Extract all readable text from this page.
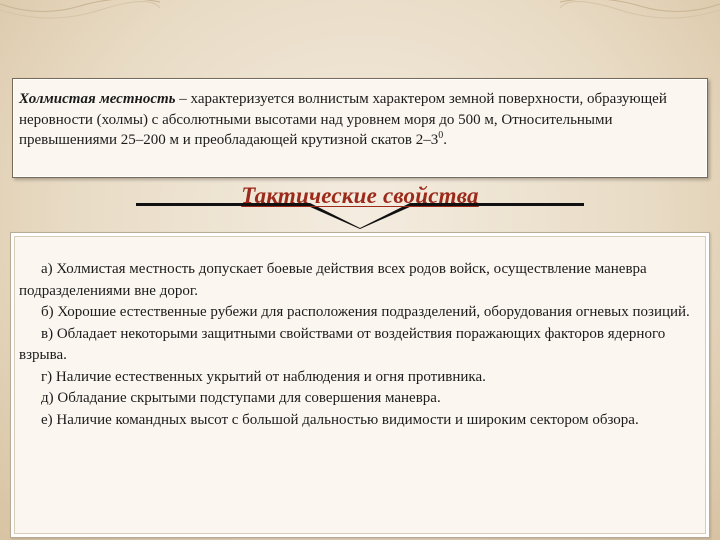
Холмистая местность – характеризуется волнистым характером земной поверхности, образующей неровности (холмы) с абсолютными высотами над уровнем моря до 500 м, Относительными превышениями 25–200 м и преобладающей крутизной скатов $2-3^0$.

Тактические свойства
а) Холмистая местность допускает боевые действия всех родов войск, осуществление маневра подразделениями вне дорог.
б) Хорошие естественные рубежи для расположения подразделений, оборудования огневых позиций.
в) Обладает некоторыми защитными свойствами от воздействия поражающих факторов ядерного взрыва.
г) Наличие естественных укрытий от наблюдения и огня противника.
д) Обладание скрытыми подступами для совершения маневра.
е) Наличие командных высот с большой дальностью видимости и широким сектором обзора.
